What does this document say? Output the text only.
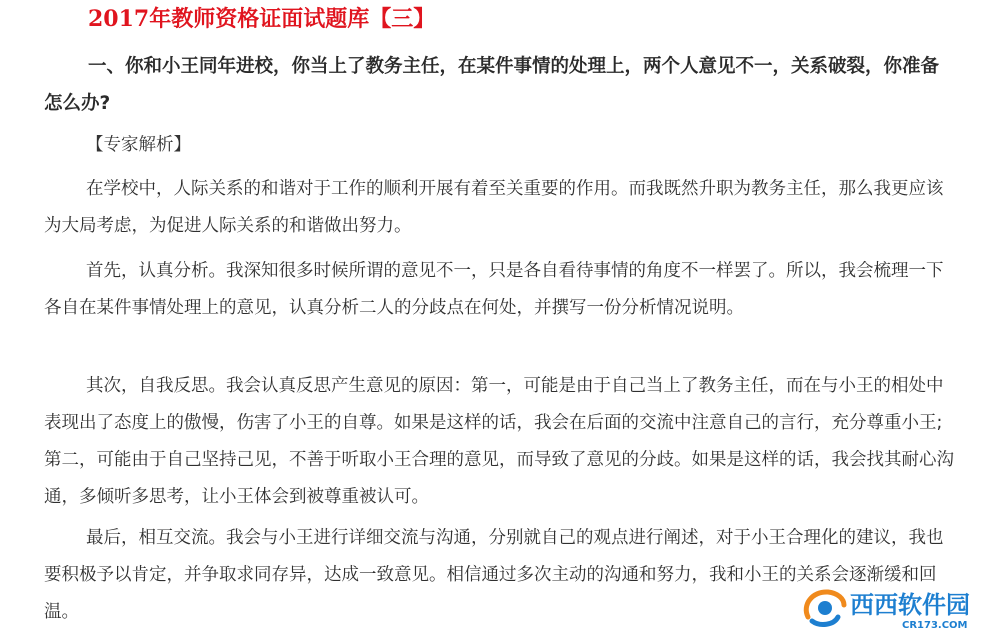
2017年教师资格证面试题库【三】

一、你和小王同年进校，你当上了教务主任，在某件事情的处理上，两个人意见不一，关系破裂，你准备怎么办?

【专家解析】

在学校中，人际关系的和谐对于工作的顺利开展有着至关重要的作用。而我既然升职为教务主任，那么我更应该为大局考虑，为促进人际关系的和谐做出努力。

首先，认真分析。我深知很多时候所谓的意见不一，只是各自看待事情的角度不一样罢了。所以，我会梳理一下各自在某件事情处理上的意见，认真分析二人的分歧点在何处，并撰写一份分析情况说明。

其次，自我反思。我会认真反思产生意见的原因：第一，可能是由于自己当上了教务主任，而在与小王的相处中表现出了态度上的傲慢，伤害了小王的自尊。如果是这样的话，我会在后面的交流中注意自己的言行，充分尊重小王;第二，可能由于自己坚持己见，不善于听取小王合理的意见，而导致了意见的分歧。如果是这样的话，我会找其耐心沟通，多倾听多思考，让小王体会到被尊重被认可。

最后，相互交流。我会与小王进行详细交流与沟通，分别就自己的观点进行阐述，对于小王合理化的建议，我也要积极予以肯定，并争取求同存异，达成一致意见。相信通过多次主动的沟通和努力，我和小王的关系会逐渐缓和回温。	西西软件园
CR173.COM
